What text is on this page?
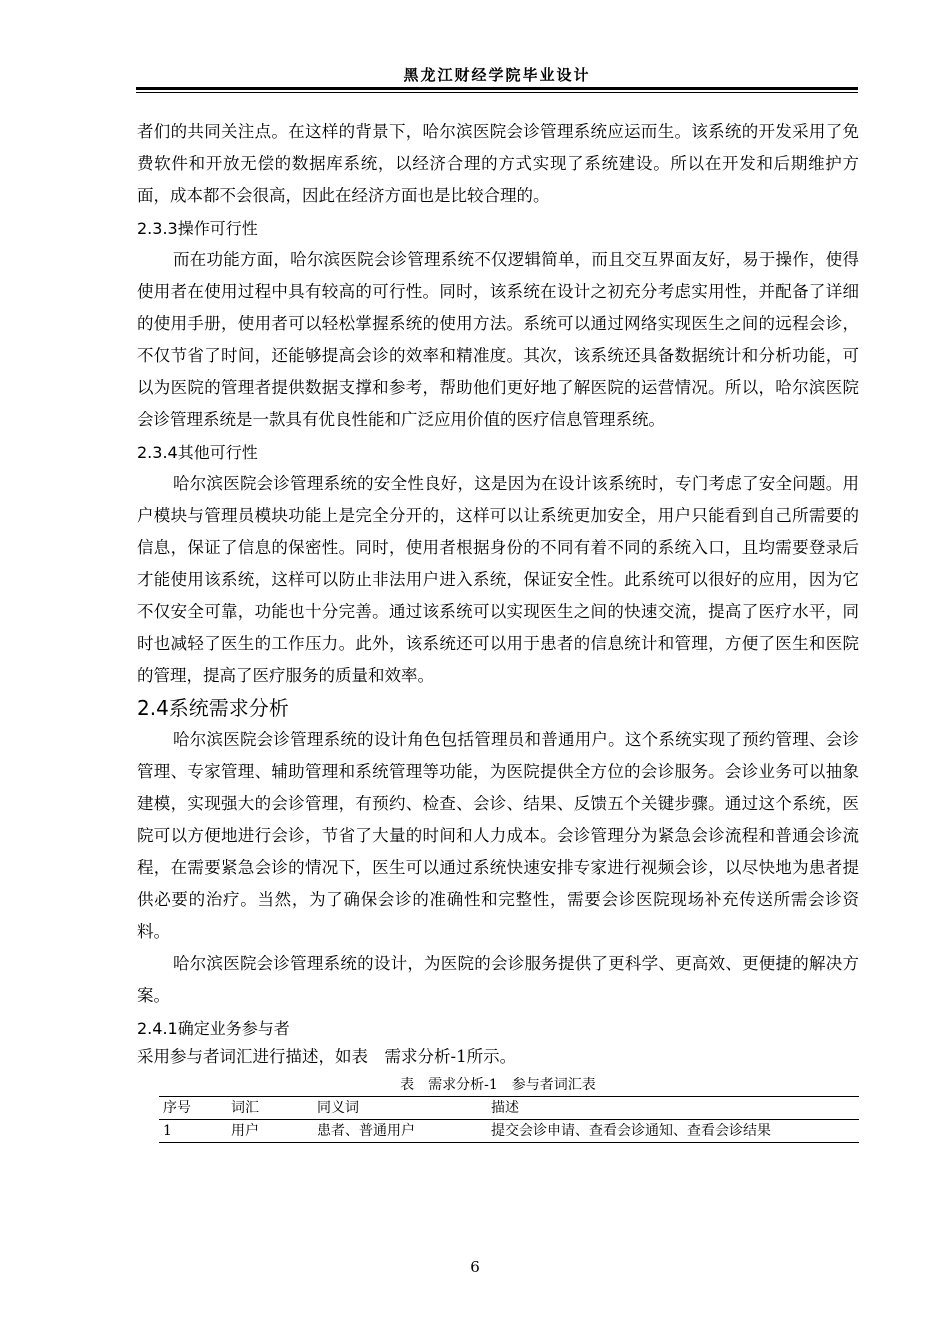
黑龙江财经学院毕业设计

者们的共同关注点。在这样的背景下，哈尔滨医院会诊管理系统应运而生。该系统的开发采用了免费软件和开放无偿的数据库系统，以经济合理的方式实现了系统建设。所以在开发和后期维护方面，成本都不会很高，因此在经济方面也是比较合理的。

2.3.3操作可行性

而在功能方面，哈尔滨医院会诊管理系统不仅逻辑简单，而且交互界面友好，易于操作，使得使用者在使用过程中具有较高的可行性。同时，该系统在设计之初充分考虑实用性，并配备了详细的使用手册，使用者可以轻松掌握系统的使用方法。系统可以通过网络实现医生之间的远程会诊，不仅节省了时间，还能够提高会诊的效率和精准度。其次，该系统还具备数据统计和分析功能，可以为医院的管理者提供数据支撑和参考，帮助他们更好地了解医院的运营情况。所以，哈尔滨医院会诊管理系统是一款具有优良性能和广泛应用价值的医疗信息管理系统。

2.3.4其他可行性

哈尔滨医院会诊管理系统的安全性良好，这是因为在设计该系统时，专门考虑了安全问题。用户模块与管理员模块功能上是完全分开的，这样可以让系统更加安全，用户只能看到自己所需要的信息，保证了信息的保密性。同时，使用者根据身份的不同有着不同的系统入口，且均需要登录后才能使用该系统，这样可以防止非法用户进入系统，保证安全性。此系统可以很好的应用，因为它不仅安全可靠，功能也十分完善。通过该系统可以实现医生之间的快速交流，提高了医疗水平，同时也减轻了医生的工作压力。此外，该系统还可以用于患者的信息统计和管理，方便了医生和医院的管理，提高了医疗服务的质量和效率。

2.4系统需求分析

哈尔滨医院会诊管理系统的设计角色包括管理员和普通用户。这个系统实现了预约管理、会诊管理、专家管理、辅助管理和系统管理等功能，为医院提供全方位的会诊服务。会诊业务可以抽象建模，实现强大的会诊管理，有预约、检查、会诊、结果、反馈五个关键步骤。通过这个系统，医院可以方便地进行会诊，节省了大量的时间和人力成本。会诊管理分为紧急会诊流程和普通会诊流程，在需要紧急会诊的情况下，医生可以通过系统快速安排专家进行视频会诊，以尽快地为患者提供必要的治疗。当然，为了确保会诊的准确性和完整性，需要会诊医院现场补充传送所需会诊资料。

哈尔滨医院会诊管理系统的设计，为医院的会诊服务提供了更科学、更高效、更便捷的解决方案。

2.4.1确定业务参与者

采用参与者词汇进行描述，如表　需求分析-1所示。

表　需求分析-1　参与者词汇表
序号	词汇	同义词	描述
1	用户	患者、普通用户	提交会诊申请、查看会诊通知、查看会诊结果
6
